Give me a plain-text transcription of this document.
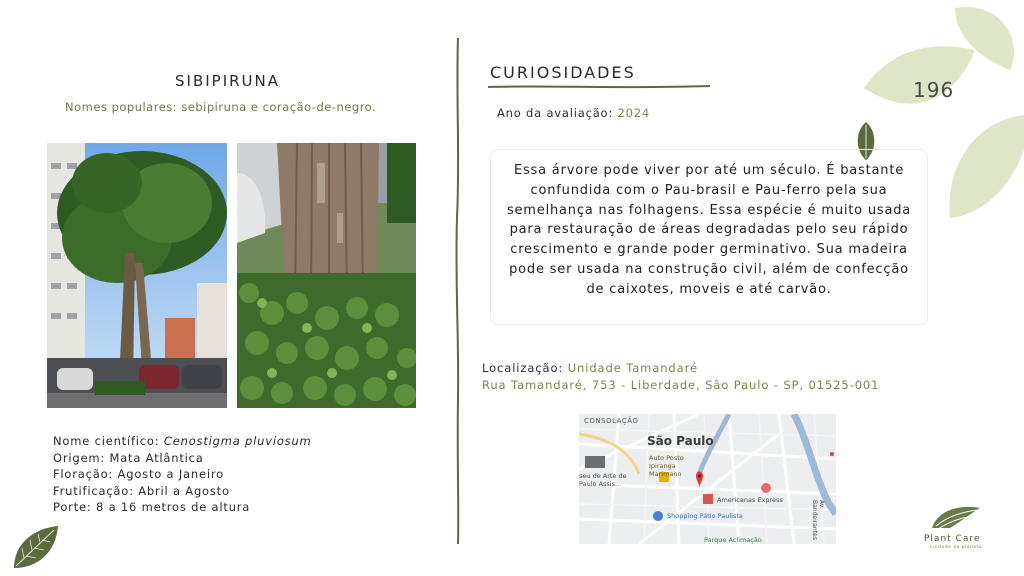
SIBIPIRUNA
Nomes populares: sebipiruna e coração-de-negro.
Nome científico: Cenostigma pluviosum
Origem: Mata Atlântica
Floração: Agosto a Janeiro
Frutificação: Abril a Agosto
Porte: 8 a 16 metros de altura
CURIOSIDADES
Ano da avaliação: 2024
196
Essa árvore pode viver por até um século. É bastante confundida com o Pau-brasil e Pau-ferro pela sua semelhança nas folhagens. Essa espécie é muito usada para restauração de áreas degradadas pelo seu rápido crescimento e grande poder germinativo. Sua madeira pode ser usada na construção civil, além de confecção de caixotes, moveis e até carvão.
Localização: Unidade Tamandaré
Rua Tamandaré, 753 - Liberdade, São Paulo - SP, 01525-001
CONSOLAÇÃO
São Paulo
Auto Posto Ipiranga Marimano
seu de Arte de Paulo Assis...
Americanas Express
Shopping Pátio Paulista
Av. Bandeirantes
Parque Aclimação	Plant Care
cuidado ao planeta
